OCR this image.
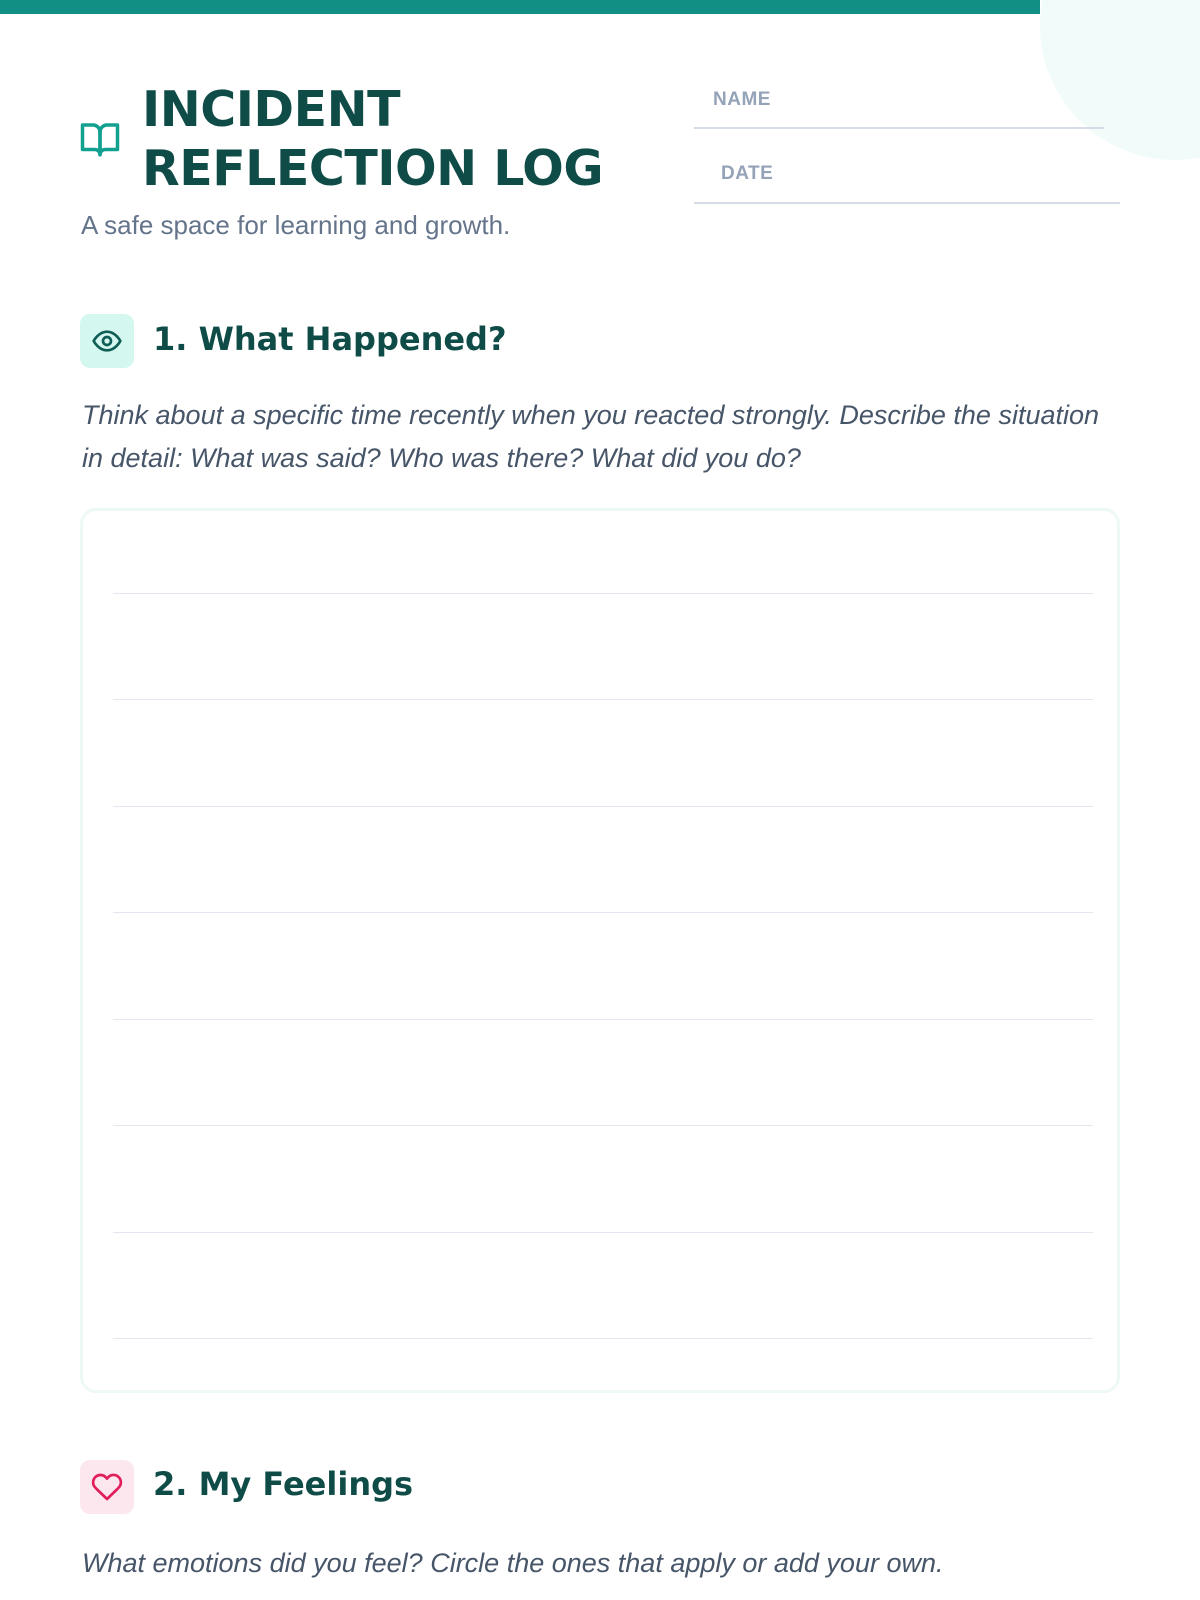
INCIDENT
REFLECTION LOG
A safe space for learning and growth.
NAME
DATE
1. What Happened?
Think about a specific time recently when you reacted strongly. Describe the situation in detail: What was said? Who was there? What did you do?
2. My Feelings
What emotions did you feel? Circle the ones that apply or add your own.
